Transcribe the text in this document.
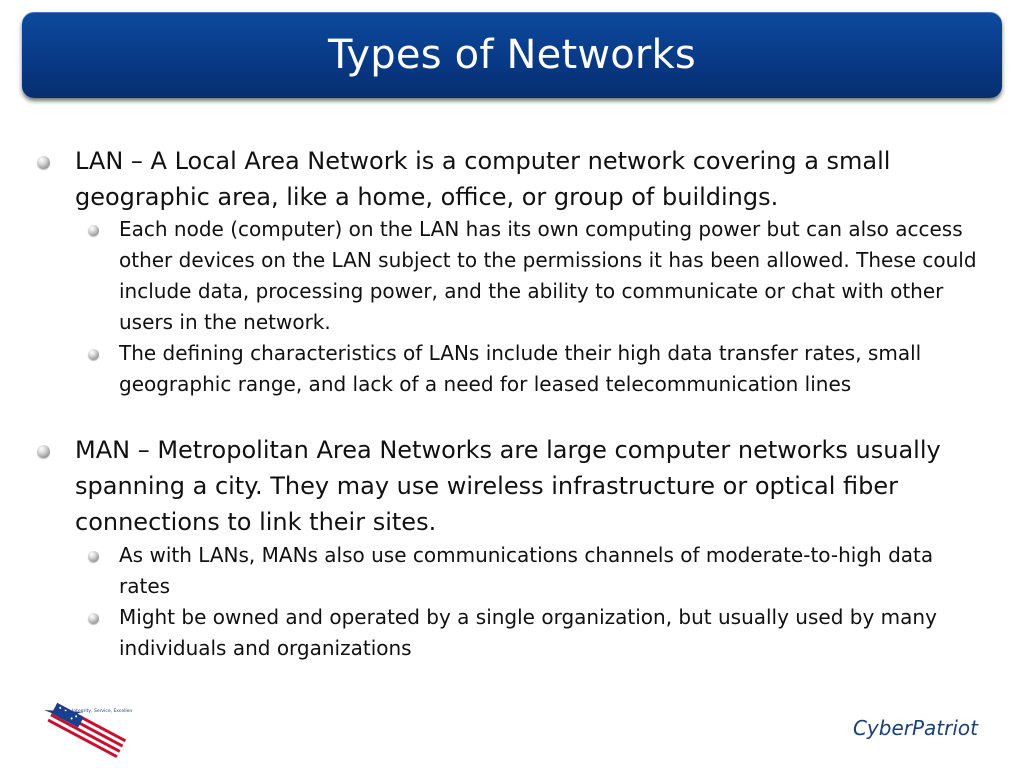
Types of Networks
LAN – A Local Area Network is a computer network covering a small geographic area, like a home, office, or group of buildings.
Each node (computer) on the LAN has its own computing power but can also access other devices on the LAN subject to the permissions it has been allowed. These could include data, processing power, and the ability to communicate or chat with other users in the network.
The defining characteristics of LANs include their high data transfer rates, small geographic range, and lack of a need for leased telecommunication lines
MAN – Metropolitan Area Networks are large computer networks usually spanning a city. They may use wireless infrastructure or optical fiber connections to link their sites.
As with LANs, MANs also use communications channels of moderate-to-high data rates
Might be owned and operated by a single organization, but usually used by many individuals and organizations
Integrity, Service, Excellence
CyberPatriot
